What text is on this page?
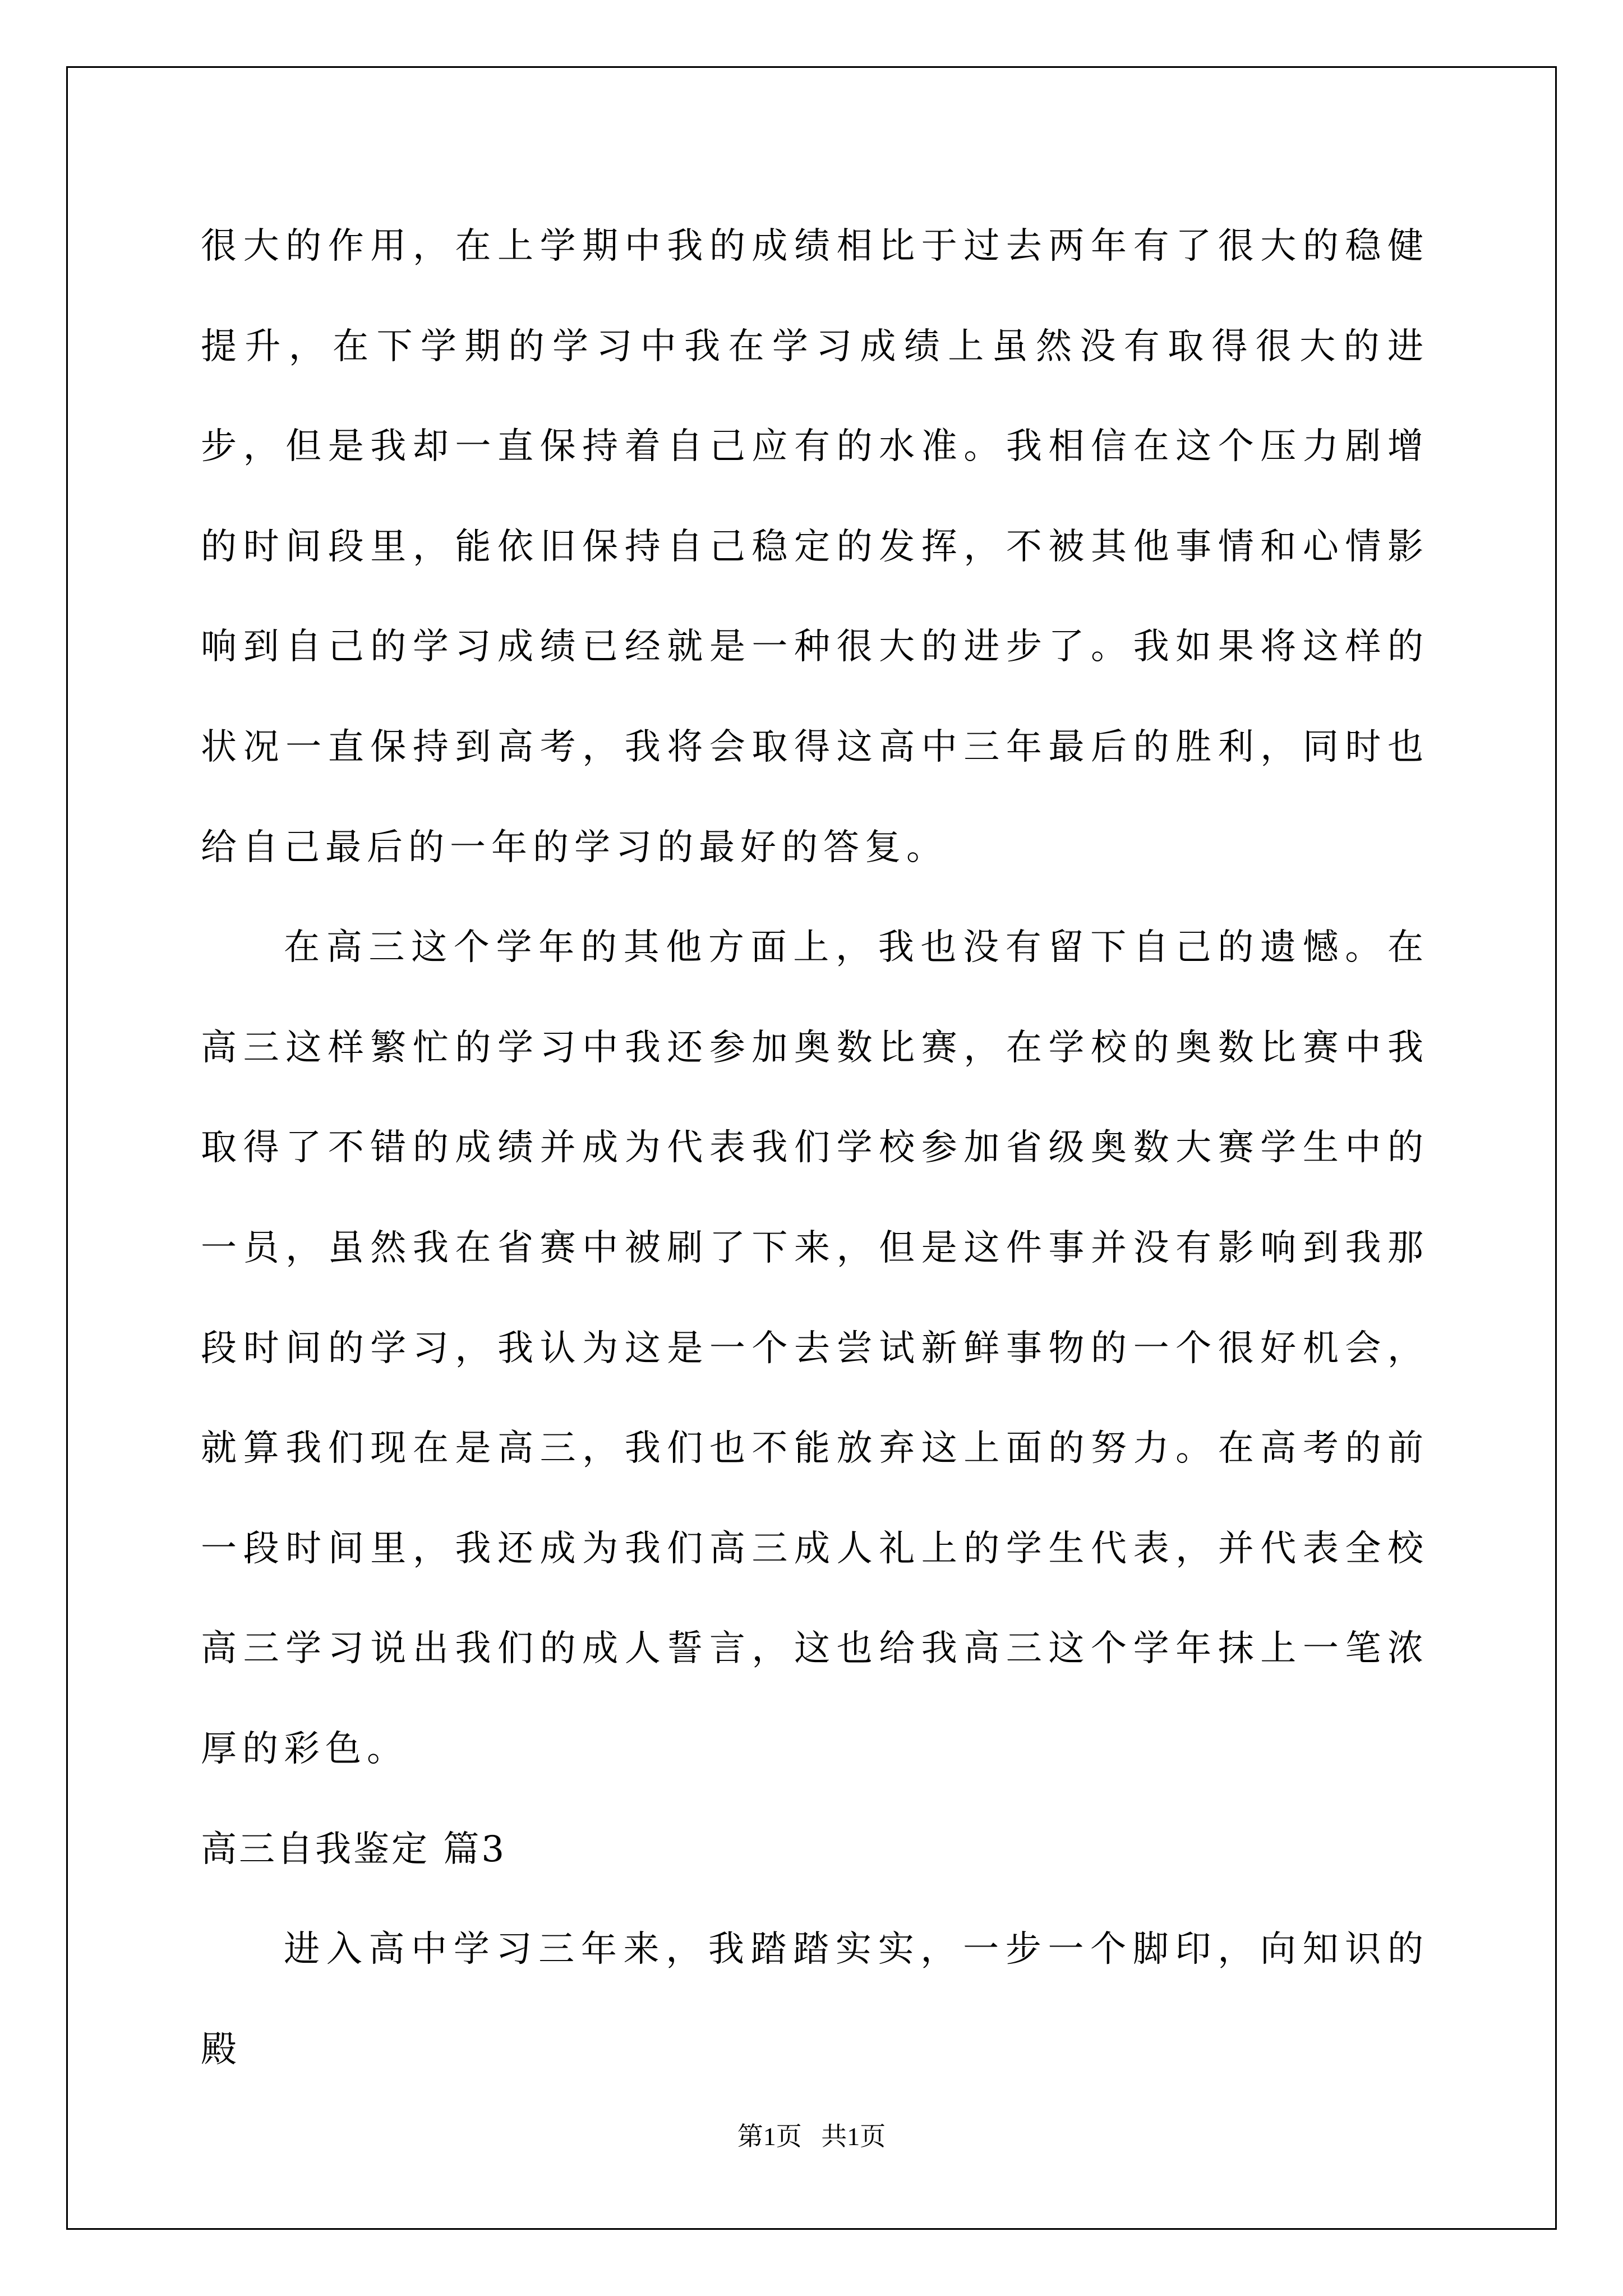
很大的作用，在上学期中我的成绩相比于过去两年有了很大的稳健提升，在下学期的学习中我在学习成绩上虽然没有取得很大的进步，但是我却一直保持着自己应有的水准。我相信在这个压力剧增的时间段里，能依旧保持自己稳定的发挥，不被其他事情和心情影响到自己的学习成绩已经就是一种很大的进步了。我如果将这样的状况一直保持到高考，我将会取得这高中三年最后的胜利，同时也给自己最后的一年的学习的最好的答复。

在高三这个学年的其他方面上，我也没有留下自己的遗憾。在高三这样繁忙的学习中我还参加奥数比赛，在学校的奥数比赛中我取得了不错的成绩并成为代表我们学校参加省级奥数大赛学生中的一员，虽然我在省赛中被刷了下来，但是这件事并没有影响到我那段时间的学习，我认为这是一个去尝试新鲜事物的一个很好机会，就算我们现在是高三，我们也不能放弃这上面的努力。在高考的前一段时间里，我还成为我们高三成人礼上的学生代表，并代表全校高三学习说出我们的成人誓言，这也给我高三这个学年抹上一笔浓厚的彩色。

高三自我鉴定 篇3

进入高中学习三年来，我踏踏实实，一步一个脚印，向知识的殿

第1页   共1页
